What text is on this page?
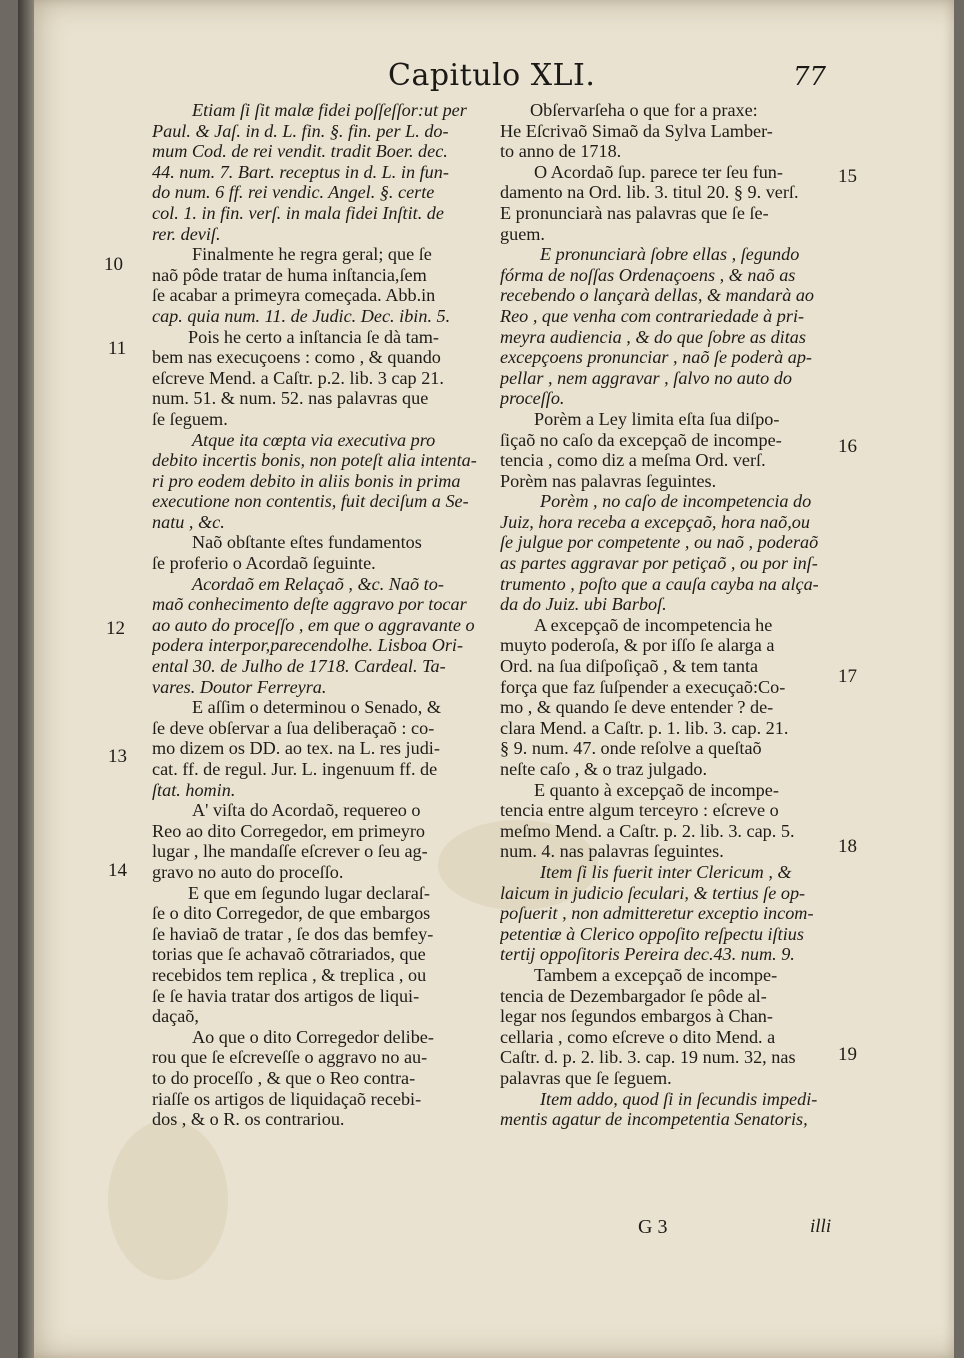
Capitulo XLI.	77
Etiam ſi ſit malæ fidei poſſeſſor:ut per
Paul. & Jaſ. in d. L. fin. §. fin. per L. do-
mum Cod. de rei vendit. tradit Boer. dec.
44. num. 7. Bart. receptus in d. L. in fun-
do num. 6 ff. rei vendic. Angel. §. certe
col. 1. in fin. verſ. in mala fidei Inſtit. de
rer. deviſ.
Finalmente he regra geral; que ſe
naõ pôde tratar de huma inſtancia,ſem
ſe acabar a primeyra começada. Abb.in
cap. quia num. 11. de Judic. Dec. ibin. 5.
Pois he certo a inſtancia ſe dà tam-
bem nas execuçoens : como , & quando
eſcreve Mend. a Caſtr. p.2. lib. 3 cap 21.
num. 51. & num. 52. nas palavras que
ſe ſeguem.
Atque ita cœpta via executiva pro
debito incertis bonis, non poteſt alia intenta-
ri pro eodem debito in aliis bonis in prima
executione non contentis, fuit deciſum a Se-
natu , &c.
Naõ obſtante eſtes fundamentos
ſe proferio o Acordaõ ſeguinte.
Acordaõ em Relaçaõ , &c. Naõ to-
maõ conhecimento deſte aggravo por tocar
ao auto do proceſſo , em que o aggravante o
podera interpor,parecendolhe. Lisboa Ori-
ental 30. de Julho de 1718. Cardeal. Ta-
vares. Doutor Ferreyra.
E aſſim o determinou o Senado, &
ſe deve obſervar a ſua deliberaçaõ : co-
mo dizem os DD. ao tex. na L. res judi-
cat. ff. de regul. Jur. L. ingenuum ff. de
ſtat. homin.
A' viſta do Acordaõ, requereo o
Reo ao dito Corregedor, em primeyro
lugar , lhe mandaſſe eſcrever o ſeu ag-
gravo no auto do proceſſo.
E que em ſegundo lugar declaraſ-
ſe o dito Corregedor, de que embargos
ſe haviaõ de tratar , ſe dos das bemfey-
torias que ſe achavaõ cõtrariados, que
recebidos tem replica , & treplica , ou
ſe ſe havia tratar dos artigos de liqui-
daçaõ,
Ao que o dito Corregedor delibe-
rou que ſe eſcreveſſe o aggravo no au-
to do proceſſo , & que o Reo contra-
riaſſe os artigos de liquidaçaõ recebi-
dos , & o R. os contrariou.
10
11
12
13
14
Obſervarſeha o que for a praxe:
He Eſcrivaõ Simaõ da Sylva Lamber-
to anno de 1718.
O Acordaõ ſup. parece ter ſeu fun-
damento na Ord. lib. 3. titul 20. § 9. verſ.
E pronunciarà nas palavras que ſe ſe-
guem.
E pronunciarà ſobre ellas , ſegundo
fórma de noſſas Ordenaçoens , & naõ as
recebendo o lançarà dellas, & mandarà ao
Reo , que venha com contrariedade à pri-
meyra audiencia , & do que ſobre as ditas
excepçoens pronunciar , naõ ſe poderà ap-
pellar , nem aggravar , ſalvo no auto do
proceſſo.
Porèm a Ley limita eſta ſua diſpo-
ſiçaõ no caſo da excepçaõ de incompe-
tencia , como diz a meſma Ord. verſ.
Porèm nas palavras ſeguintes.
Porèm , no caſo de incompetencia do
Juiz, hora receba a excepçaõ, hora naõ,ou
ſe julgue por competente , ou naõ , poderaõ
as partes aggravar por petiçaõ , ou por inſ-
trumento , poſto que a cauſa cayba na alça-
da do Juiz. ubi Barboſ.
A excepçaõ de incompetencia he
muyto poderoſa, & por iſſo ſe alarga a
Ord. na ſua diſpoſiçaõ , & tem tanta
força que faz ſuſpender a execuçaõ:Co-
mo , & quando ſe deve entender ? de-
clara Mend. a Caſtr. p. 1. lib. 3. cap. 21.
§ 9. num. 47. onde reſolve a queſtaõ
neſte caſo , & o traz julgado.
E quanto à excepçaõ de incompe-
tencia entre algum terceyro : eſcreve o
meſmo Mend. a Caſtr. p. 2. lib. 3. cap. 5.
num. 4. nas palavras ſeguintes.
Item ſi lis fuerit inter Clericum , &
laicum in judicio ſeculari, & tertius ſe op-
poſuerit , non admitteretur exceptio incom-
petentiæ à Clerico oppoſito reſpectu iſtius
tertij oppoſitoris Pereira dec.43. num. 9.
Tambem a excepçaõ de incompe-
tencia de Dezembargador ſe pôde al-
legar nos ſegundos embargos à Chan-
cellaria , como eſcreve o dito Mend. a
Caſtr. d. p. 2. lib. 3. cap. 19 num. 32, nas
palavras que ſe ſeguem.
Item addo, quod ſi in ſecundis impedi-
mentis agatur de incompetentia Senatoris,
15
16
17
18
19
G 3	illi
